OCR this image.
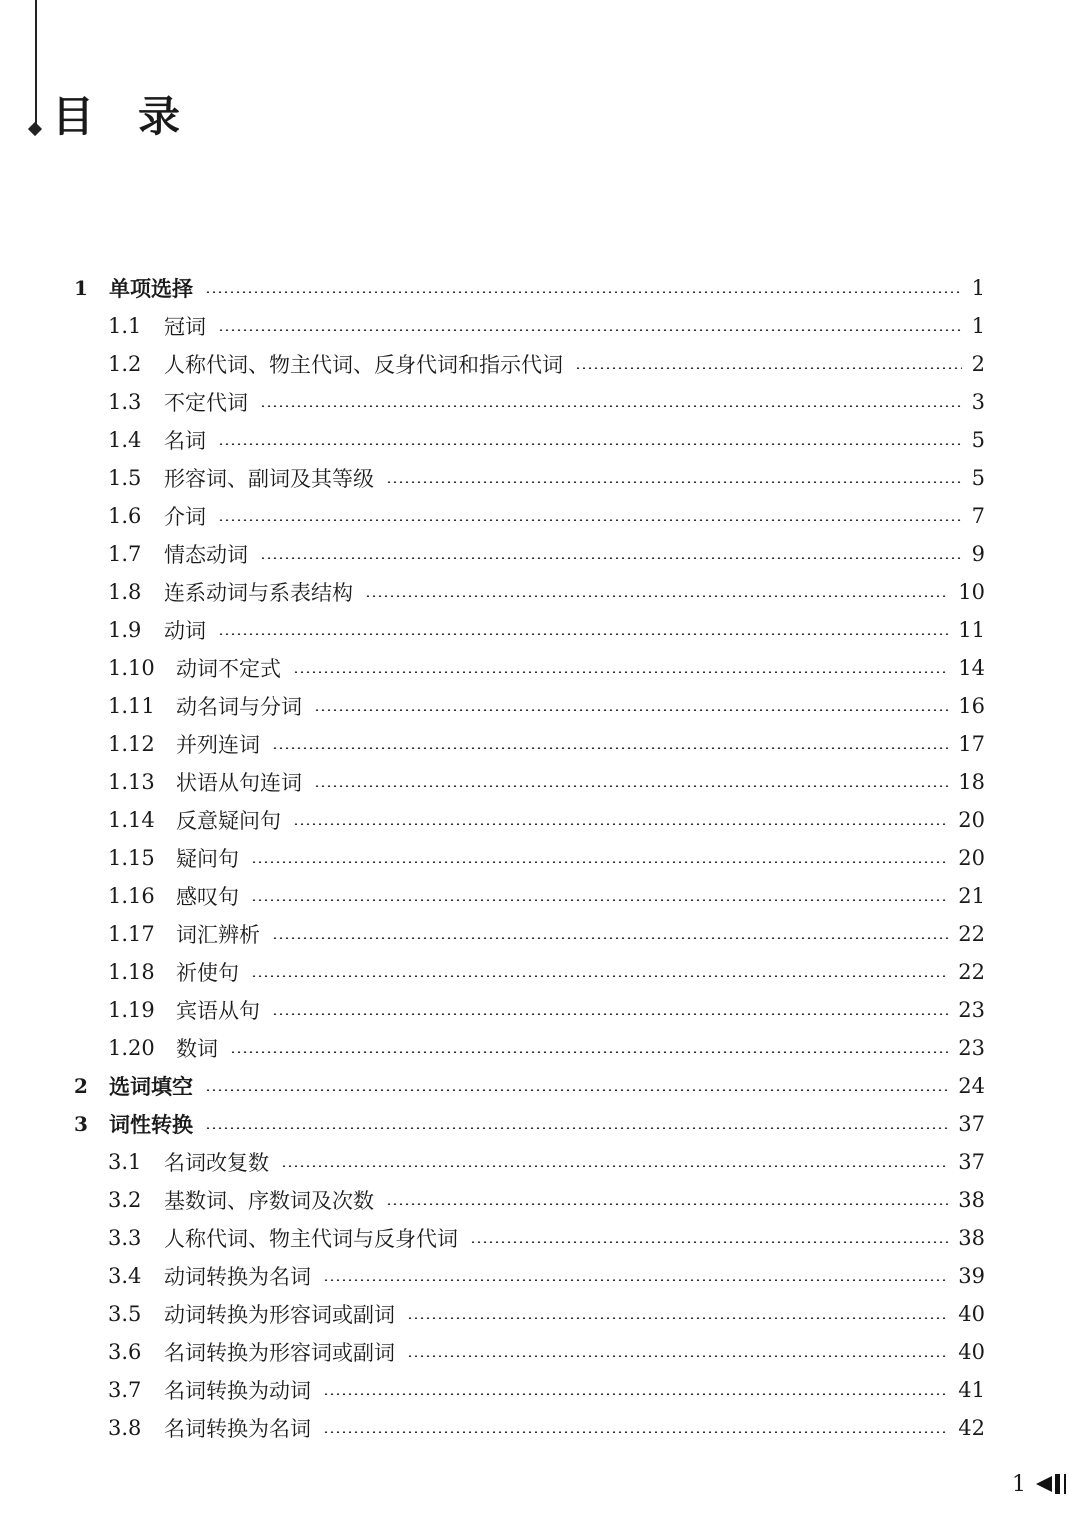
目 录
1 单项选择	1
1.1 冠词	1
1.2 人称代词、物主代词、反身代词和指示代词	2
1.3 不定代词	3
1.4 名词	5
1.5 形容词、副词及其等级	5
1.6 介词	7
1.7 情态动词	9
1.8 连系动词与系表结构	10
1.9 动词	11
1.10 动词不定式	14
1.11 动名词与分词	16
1.12 并列连词	17
1.13 状语从句连词	18
1.14 反意疑问句	20
1.15 疑问句	20
1.16 感叹句	21
1.17 词汇辨析	22
1.18 祈使句	22
1.19 宾语从句	23
1.20 数词	23
2 选词填空	24
3 词性转换	37
3.1 名词改复数	37
3.2 基数词、序数词及次数	38
3.3 人称代词、物主代词与反身代词	38
3.4 动词转换为名词	39
3.5 动词转换为形容词或副词	40
3.6 名词转换为形容词或副词	40
3.7 名词转换为动词	41
3.8 名词转换为名词	42
1
